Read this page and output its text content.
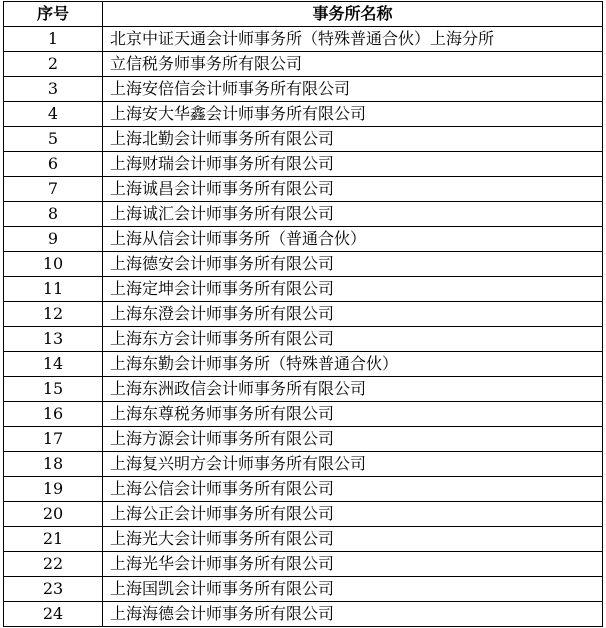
序号	事务所名称
1	北京中证天通会计师事务所（特殊普通合伙）上海分所
2	立信税务师事务所有限公司
3	上海安倍信会计师事务所有限公司
4	上海安大华鑫会计师事务所有限公司
5	上海北勤会计师事务所有限公司
6	上海财瑞会计师事务所有限公司
7	上海诚昌会计师事务所有限公司
8	上海诚汇会计师事务所有限公司
9	上海从信会计师事务所（普通合伙）
10	上海德安会计师事务所有限公司
11	上海定坤会计师事务所有限公司
12	上海东澄会计师事务所有限公司
13	上海东方会计师事务所有限公司
14	上海东勤会计师事务所（特殊普通合伙）
15	上海东洲政信会计师事务所有限公司
16	上海东尊税务师事务所有限公司
17	上海方源会计师事务所有限公司
18	上海复兴明方会计师事务所有限公司
19	上海公信会计师事务所有限公司
20	上海公正会计师事务所有限公司
21	上海光大会计师事务所有限公司
22	上海光华会计师事务所有限公司
23	上海国凯会计师事务所有限公司
24	上海海德会计师事务所有限公司
